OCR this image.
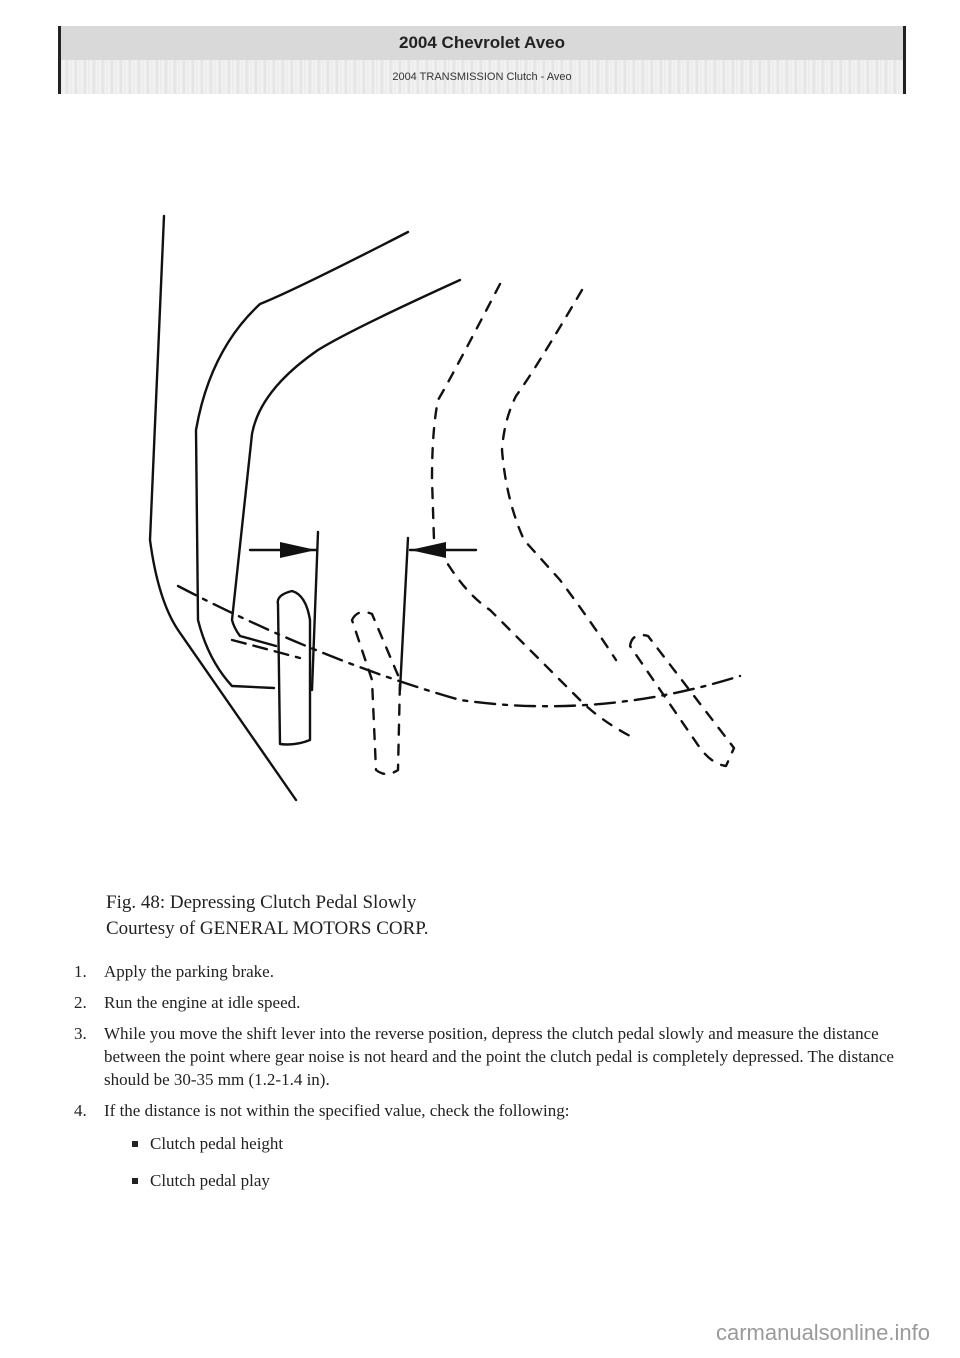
2004 Chevrolet Aveo
2004 TRANSMISSION Clutch - Aveo
Fig. 48: Depressing Clutch Pedal Slowly
Courtesy of GENERAL MOTORS CORP.
1. Apply the parking brake.
2. Run the engine at idle speed.
3. While you move the shift lever into the reverse position, depress the clutch pedal slowly and measure the distance between the point where gear noise is not heard and the point the clutch pedal is completely depressed. The distance should be 30-35 mm (1.2-1.4 in).
4. If the distance is not within the specified value, check the following:
Clutch pedal height
Clutch pedal play
carmanualsonline.info
